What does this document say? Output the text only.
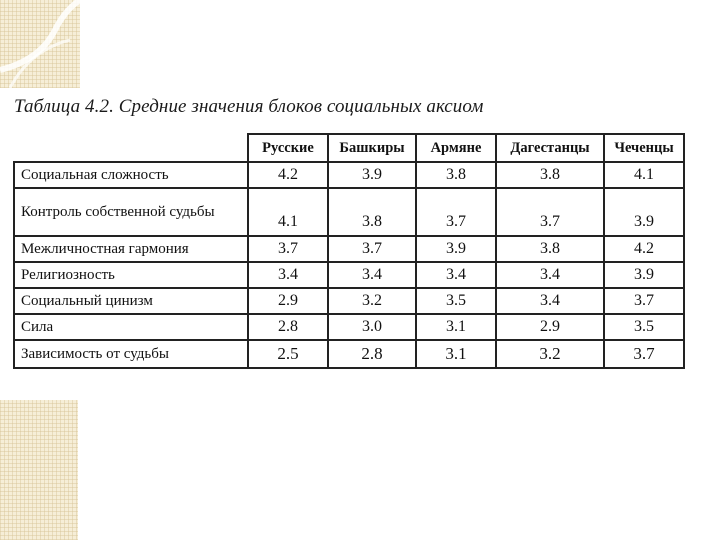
Таблица 4.2. Средние значения блоков социальных аксиом
	Русские	Башкиры	Армяне	Дагестанцы	Чеченцы
Социальная сложность	4.2	3.9	3.8	3.8	4.1
Контроль собственной судьбы	4.1	3.8	3.7	3.7	3.9
Межличностная гармония	3.7	3.7	3.9	3.8	4.2
Религиозность	3.4	3.4	3.4	3.4	3.9
Социальный цинизм	2.9	3.2	3.5	3.4	3.7
Сила	2.8	3.0	3.1	2.9	3.5
Зависимость от судьбы	2.5	2.8	3.1	3.2	3.7
